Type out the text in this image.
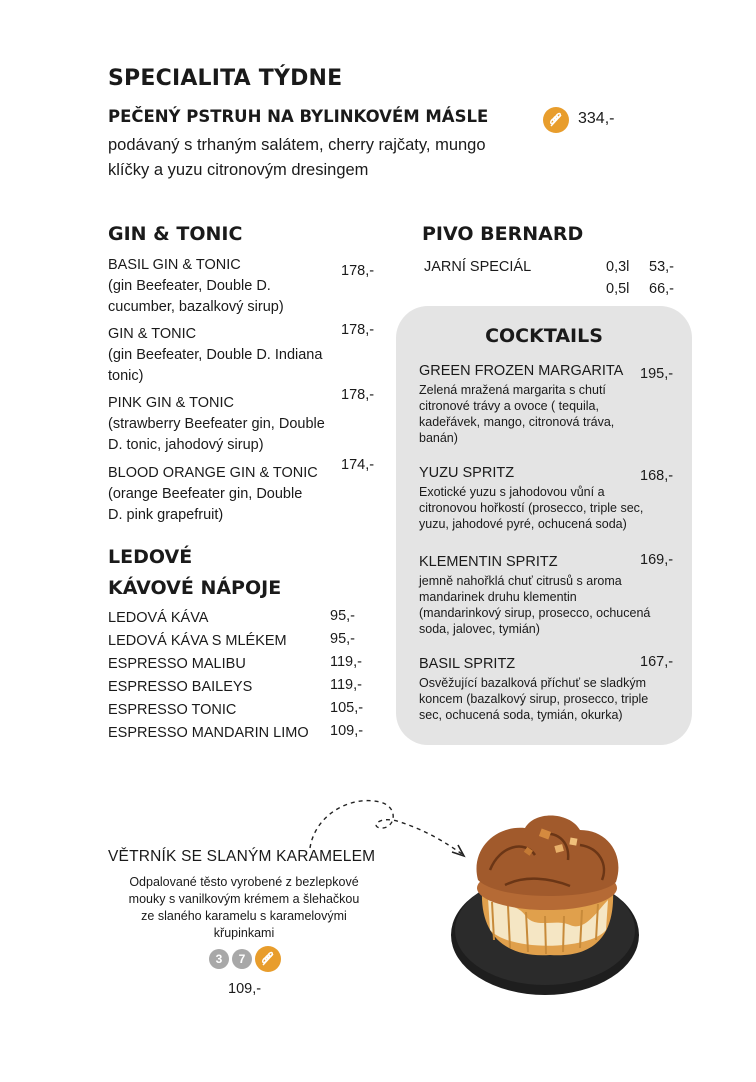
SPECIALITA TÝDNE
PEČENÝ PSTRUH NA BYLINKOVÉM MÁSLE
podávaný s trhaným salátem, cherry rajčaty, mungo
klíčky a yuzu citronovým dresingem
334,-
GIN & TONIC
BASIL GIN & TONIC
(gin Beefeater, Double D.
cucumber, bazalkový sirup)
178,-
GIN & TONIC
(gin Beefeater, Double D. Indiana
tonic)
178,-
PINK GIN & TONIC
(strawberry Beefeater gin, Double
D. tonic, jahodový sirup)
178,-
BLOOD ORANGE GIN & TONIC
(orange Beefeater gin, Double
D. pink grapefruit)
174,-
LEDOVÉ
KÁVOVÉ NÁPOJE
LEDOVÁ KÁVA	95,-
LEDOVÁ KÁVA S MLÉKEM	95,-
ESPRESSO MALIBU	119,-
ESPRESSO BAILEYS	119,-
ESPRESSO TONIC	105,-
ESPRESSO MANDARIN LIMO 109,-
PIVO BERNARD
JARNÍ SPECIÁL	0,3l 53,-
0,5l 66,-
COCKTAILS
GREEN FROZEN MARGARITA	195,-
Zelená mražená margarita s chutí
citronové trávy a ovoce ( tequila,
kadeřávek, mango, citronová tráva,
banán)
YUZU SPRITZ	168,-
Exotické yuzu s jahodovou vůní a
citronovou hořkostí (prosecco, triple sec,
yuzu, jahodové pyré, ochucená soda)
KLEMENTIN SPRITZ	169,-
jemně nahořklá chuť citrusů s aroma
mandarinek druhu klementin
(mandarinkový sirup, prosecco, ochucená
soda, jalovec, tymián)
BASIL SPRITZ	167,-
Osvěžující bazalková příchuť se sladkým
koncem (bazalkový sirup, prosecco, triple
sec, ochucená soda, tymián, okurka)
VĚTRNÍK SE SLANÝM KARAMELEM
Odpalované těsto vyrobené z bezlepkové
mouky s vanilkovým krémem a šlehačkou
ze slaného karamelu s karamelovými
křupinkami
3	7
109,-
